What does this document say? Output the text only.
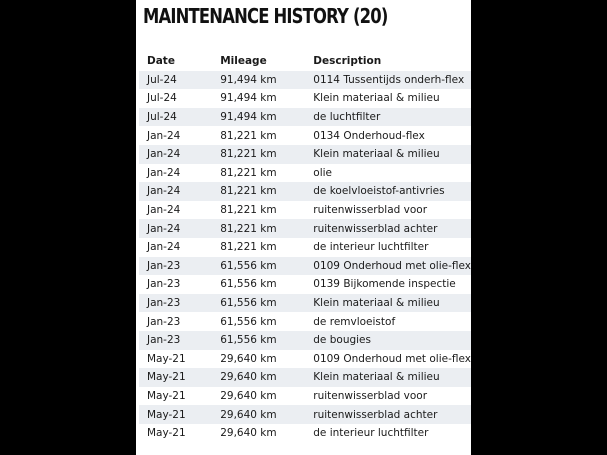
MAINTENANCE HISTORY (20)
Date	Mileage	Description
Jul-24	91,494 km	0114 Tussentijds onderh-flex
Jul-24	91,494 km	Klein materiaal & milieu
Jul-24	91,494 km	de luchtfilter
Jan-24	81,221 km	0134 Onderhoud-flex
Jan-24	81,221 km	Klein materiaal & milieu
Jan-24	81,221 km	olie
Jan-24	81,221 km	de koelvloeistof-antivries
Jan-24	81,221 km	ruitenwisserblad voor
Jan-24	81,221 km	ruitenwisserblad achter
Jan-24	81,221 km	de interieur luchtfilter
Jan-23	61,556 km	0109 Onderhoud met olie-flex
Jan-23	61,556 km	0139 Bijkomende inspectie
Jan-23	61,556 km	Klein materiaal & milieu
Jan-23	61,556 km	de remvloeistof
Jan-23	61,556 km	de bougies
May-21	29,640 km	0109 Onderhoud met olie-flex
May-21	29,640 km	Klein materiaal & milieu
May-21	29,640 km	ruitenwisserblad voor
May-21	29,640 km	ruitenwisserblad achter
May-21	29,640 km	de interieur luchtfilter
